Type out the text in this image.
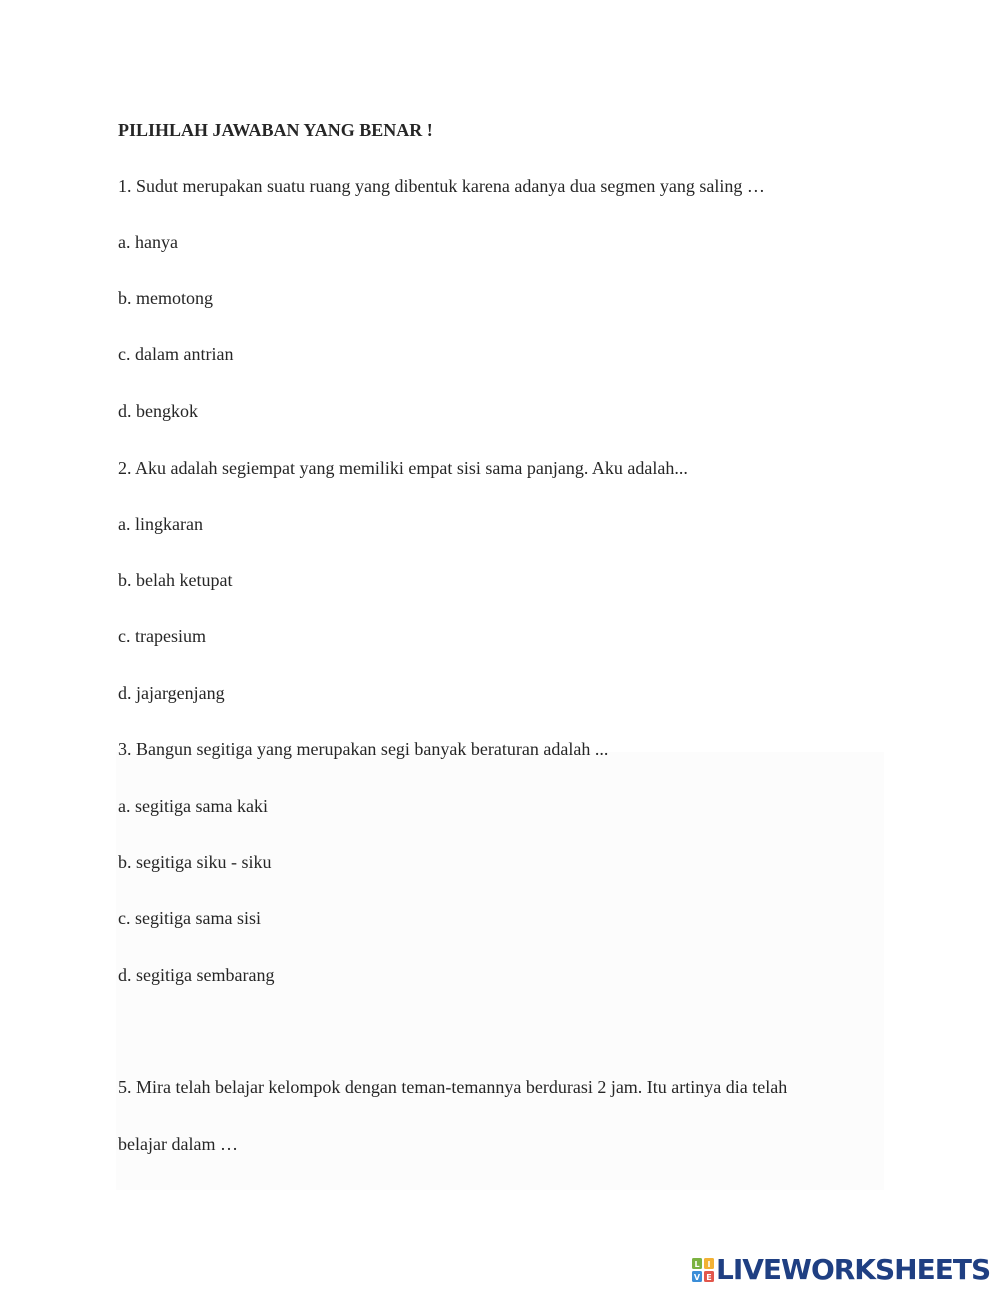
PILIHLAH JAWABAN YANG BENAR !

1. Sudut merupakan suatu ruang yang dibentuk karena adanya dua segmen yang saling …

a. hanya

b. memotong

c. dalam antrian

d. bengkok

2. Aku adalah segiempat yang memiliki empat sisi sama panjang. Aku adalah...

a. lingkaran

b. belah ketupat

c. trapesium

d. jajargenjang

3. Bangun segitiga yang merupakan segi banyak beraturan adalah ...

a. segitiga sama kaki

b. segitiga siku - siku

c. segitiga sama sisi

d. segitiga sembarang

5. Mira telah belajar kelompok dengan teman-temannya berdurasi 2 jam. Itu artinya dia telah

belajar dalam …

L I
V E LIVEWORKSHEETS
